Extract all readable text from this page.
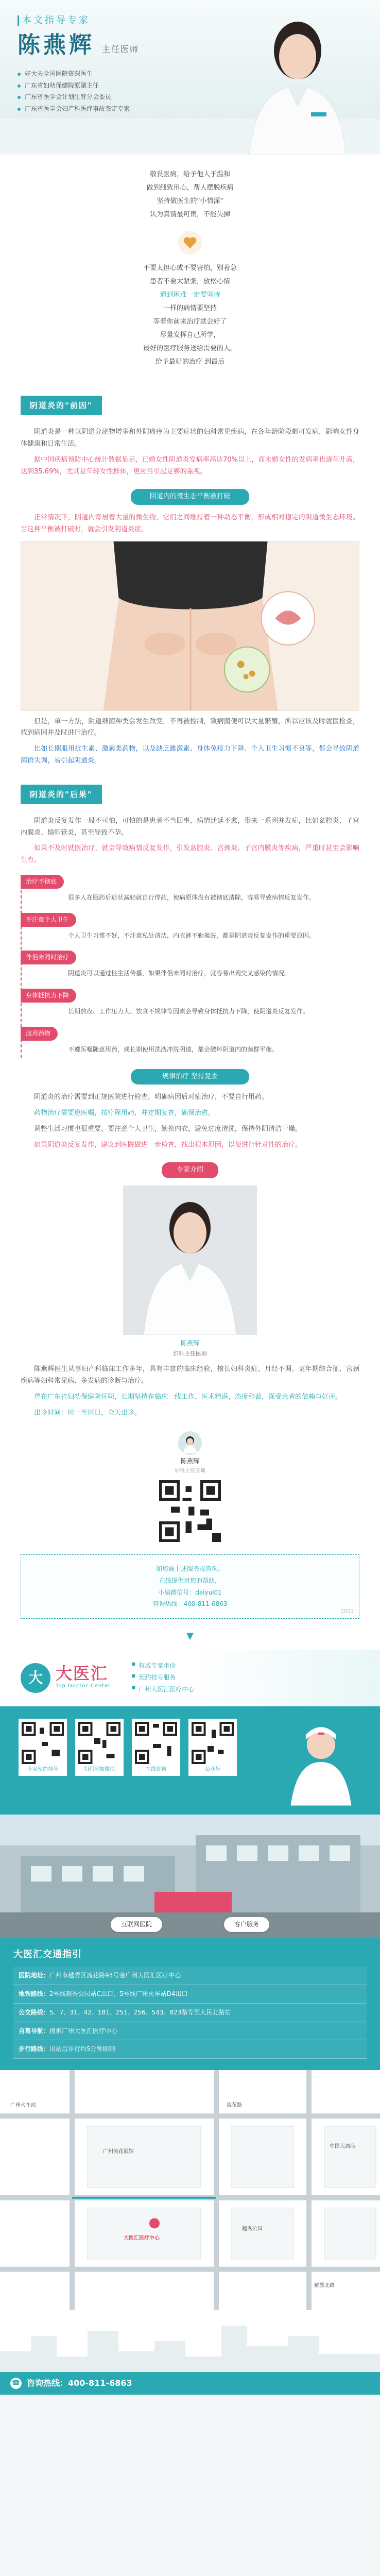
本文指导专家
陈燕辉 主任医师
好大夫全国医院资深医生
广东省妇幼保健院原副主任
广东省医学会计划生育分会委员
广东省医学会妇产科医疗事故鉴定专家
敬畏医病，给予他人于温和
做到细致用心，帮人摆脱疾病
坚持做医生的"小情深"
认为真情最可贵，不能失掉
不要太担心或不要害怕，别着急
患者不要太紧张，放松心情
遇到困难一定要坚持
一样的病情要坚持
等着你前来治疗就会好了
尽量发挥自己所学，
最好的医疗服务送给需要的人。
给予最好的治疗 到最后
阴道炎的"前因"

阴道炎是一种以阴道分泌物增多和外阴瘙痒为主要症状的妇科常见疾病，在各年龄阶段都可发病，影响女性身体健康和日常生活。

据中国疾病预防中心统计数据显示，已婚女性阴道炎发病率高达70%以上，而未婚女性的发病率也逐年升高，达到35.69%，尤其是年轻女性群体，更应当引起足够的重视。

阴道内的微生态平衡被打破

正常情况下，阴道内寄居着大量的微生物，它们之间维持着一种动态平衡，形成相对稳定的阴道微生态环境。当这种平衡被打破时，就会引发阴道炎症。

但是，单一方法，阴道细菌种类会发生改变，不再被控制，致病菌便可以大量繁殖，所以应该及时就医检查，找到病因并及时进行治疗。

比如长期服用抗生素、激素类药物，以及缺乏雌激素、身体免疫力下降、个人卫生习惯不良等，都会导致阴道菌群失调，易引起阴道炎。

阴道炎的"后果"

阴道炎反复发作一般不可怕，可怕的是患者不当回事，病情迁延不愈，带来一系列并发症，比如盆腔炎、子宫内膜炎、输卵管炎，甚至导致不孕。

如果不及时就医治疗，就会导致病情反复发作，引发盆腔炎、宫颈炎、子宫内膜炎等疾病，严重时甚至会影响生育。

治疗不彻底
很多人在服药后症状减轻就自行停药，使病原体没有被彻底清除，容易导致病情反复发作。
不注意个人卫生
个人卫生习惯不好，不注意私处清洁，内衣裤不勤换洗，都是阴道炎反复发作的重要原因。
伴侣未同时治疗
阴道炎可以通过性生活传播，如果伴侣未同时治疗，就容易出现交叉感染的情况。
身体抵抗力下降
长期熬夜、工作压力大、饮食不规律等因素会导致身体抵抗力下降，使阴道炎反复发作。
滥用药物
不遵医嘱随意用药，或长期使用洗液冲洗阴道，都会破坏阴道内的菌群平衡。
规律治疗 坚持复查

阴道炎的治疗需要到正规医院进行检查，明确病因后对症治疗，不要自行用药。

药物治疗需要遵医嘱，按疗程用药，并定期复查，确保治愈。

调整生活习惯也很重要，要注意个人卫生，勤换内衣，避免过度清洗，保持外阴清洁干燥。

如果阴道炎反复发作，建议到医院做进一步检查，找出根本原因，以便进行针对性的治疗。

专家介绍
陈燕辉
妇科主任医师

陈燕辉医生从事妇产科临床工作多年，具有丰富的临床经验，擅长妇科炎症、月经不调、更年期综合征、宫颈疾病等妇科常见病、多发病的诊断与治疗。

曾在广东省妇幼保健院任职，长期坚持在临床一线工作，医术精湛，态度和蔼，深受患者的信赖与好评。

出诊时间：周一至周日，全天出诊。

陈燕辉
妇科主任医师
如您需上述服务或咨询，
在线提供对您的帮助，
小编微信号：daiyui01
咨询热线：400-811-6863
2021
▼
大 大医汇
Top Doctor Center
■ 权威专家坐诊
■ 预约挂号服务
■ 广州大医汇医疗中心
专家预约挂号	扫码添加微信	在线咨询	公众号
互联网医院	客户服务
大医汇交通指引
医院地址：广州市越秀区流花路93号金广州大医汇医疗中心
地铁路线：2号线越秀公园站C出口，5号线广州火车站D4出口
公交路线：5、7、31、42、181、251、256、543、823路等至人民北路站
自驾导航：搜索广州大医汇医疗中心
步行路线：出站后步行约5分钟即到
中国大酒店
广州流花展馆
越秀公园
广州火车站	流花路
解放北路
大医汇医疗中心
☎ 咨询热线：400-811-6863
